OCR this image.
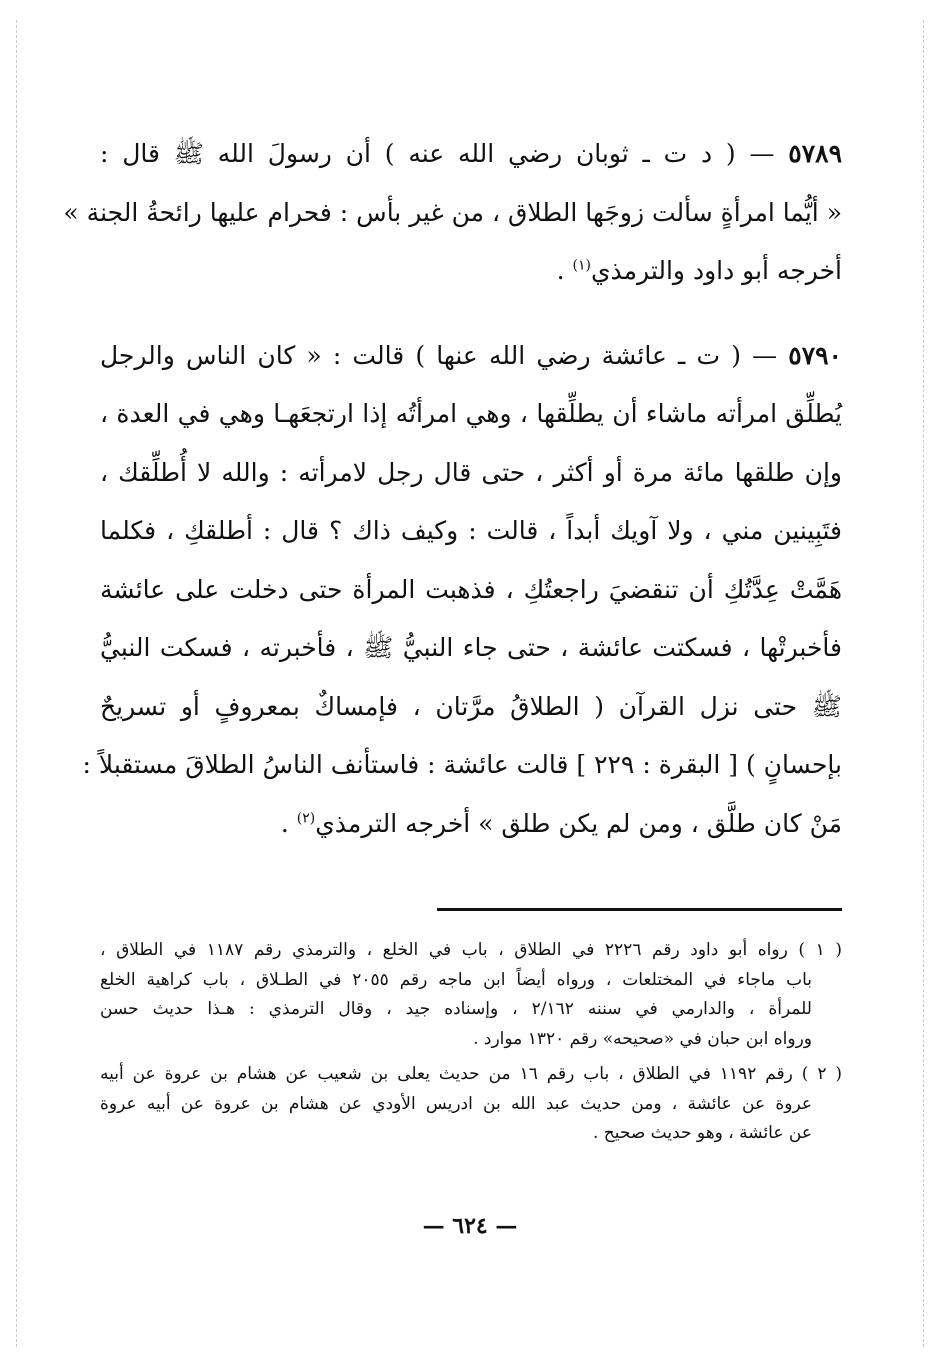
٥٧٨٩ — ( د ت ـ ثوبان رضي الله عنه ) أن رسولَ الله ﷺ قال :
« أيُّما امرأةٍ سألت زوجَها الطلاق ، من غير بأس : فحرام عليها رائحةُ الجنة »
أخرجه أبو داود والترمذي$^{(١)}$ .
٥٧٩٠ — ( ت ـ عائشة رضي الله عنها ) قالت : « كان الناس والرجل
يُطلِّق امرأته ماشاء أن يطلِّقها ، وهي امرأتُه إذا ارتجعَهـا وهي في العدة ،
وإن طلقها مائة مرة أو أكثر ، حتى قال رجل لامرأته : والله لا أُطلِّقك ،
فتَبِينين مني ، ولا آويك أبداً ، قالت : وكيف ذاك ؟ قال : أطلقكِ ، فكلما
هَمَّتْ عِدَّتُكِ أن تنقضيَ راجعتُكِ ، فذهبت المرأة حتى دخلت على عائشة
فأخبرتْها ، فسكتت عائشة ، حتى جاء النبيُّ ﷺ ، فأخبرته ، فسكت النبيُّ
ﷺ حتى نزل القرآن ( الطلاقُ مرَّتان ، فإمساكٌ بمعروفٍ أو تسريحٌ
بإحسانٍ ) [ البقرة : ٢٢٩ ] قالت عائشة : فاستأنف الناسُ الطلاقَ مستقبلاً :
مَنْ كان طلَّق ، ومن لم يكن طلق » أخرجه الترمذي$^{(٢)}$ .
( ١ ) رواه أبو داود رقم ٢٢٢٦ في الطلاق ، باب في الخلع ، والترمذي رقم ١١٨٧ في الطلاق ،
باب ماجاء في المختلعات ، ورواه أيضاً ابن ماجه رقم ٢٠٥٥ في الطـلاق ، باب كراهية الخلع
للمرأة ، والدارمي في سننه ٢/١٦٢ ، وإسناده جيد ، وقال الترمذي : هـذا حديث حسن
ورواه ابن حبان في «صحيحه» رقم ١٣٢٠ موارد .
( ٢ ) رقم ١١٩٢ في الطلاق ، باب رقم ١٦ من حديث يعلى بن شعيب عن هشام بن عروة عن أبيه
عروة عن عائشة ، ومن حديث عبد الله بن ادريس الأودي عن هشام بن عروة عن أبيه عروة
عن عائشة ، وهو حديث صحيح .
— ٦٢٤ —
